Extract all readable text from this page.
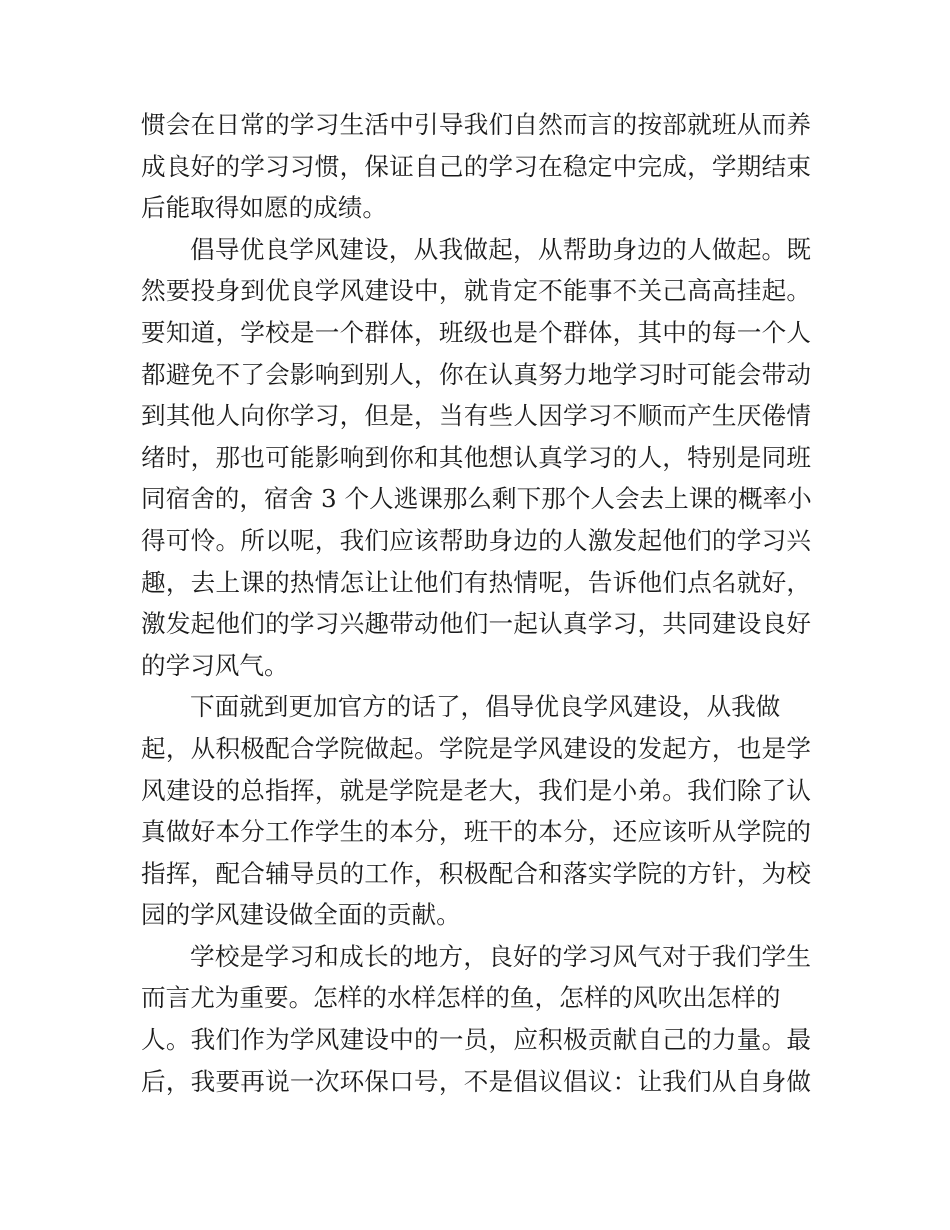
惯会在日常的学习生活中引导我们自然而言的按部就班从而养
成良好的学习习惯，保证自己的学习在稳定中完成，学期结束
后能取得如愿的成绩。
倡导优良学风建设，从我做起，从帮助身边的人做起。既
然要投身到优良学风建设中，就肯定不能事不关己高高挂起。
要知道，学校是一个群体，班级也是个群体，其中的每一个人
都避免不了会影响到别人，你在认真努力地学习时可能会带动
到其他人向你学习，但是，当有些人因学习不顺而产生厌倦情
绪时，那也可能影响到你和其他想认真学习的人，特别是同班
同宿舍的，宿舍 3 个人逃课那么剩下那个人会去上课的概率小
得可怜。所以呢，我们应该帮助身边的人激发起他们的学习兴
趣，去上课的热情怎让让他们有热情呢，告诉他们点名就好，
激发起他们的学习兴趣带动他们一起认真学习，共同建设良好
的学习风气。
下面就到更加官方的话了，倡导优良学风建设，从我做
起，从积极配合学院做起。学院是学风建设的发起方，也是学
风建设的总指挥，就是学院是老大，我们是小弟。我们除了认
真做好本分工作学生的本分，班干的本分，还应该听从学院的
指挥，配合辅导员的工作，积极配合和落实学院的方针，为校
园的学风建设做全面的贡献。
学校是学习和成长的地方，良好的学习风气对于我们学生
而言尤为重要。怎样的水样怎样的鱼，怎样的风吹出怎样的
人。我们作为学风建设中的一员，应积极贡献自己的力量。最
后，我要再说一次环保口号，不是倡议倡议：让我们从自身做
